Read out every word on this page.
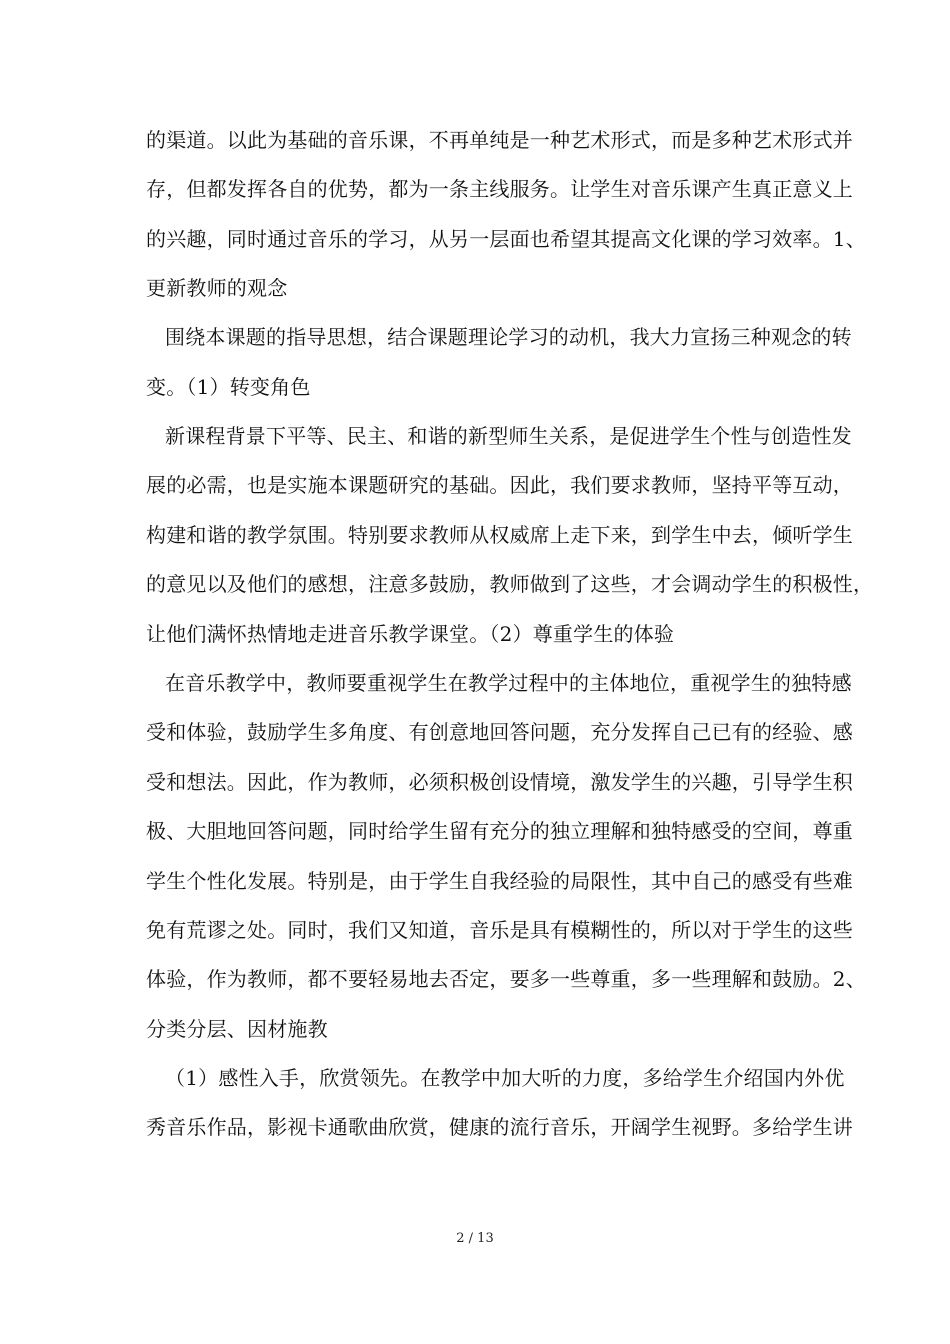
的渠道。以此为基础的音乐课，不再单纯是一种艺术形式，而是多种艺术形式并
存，但都发挥各自的优势，都为一条主线服务。让学生对音乐课产生真正意义上
的兴趣，同时通过音乐的学习，从另一层面也希望其提高文化课的学习效率。1、
更新教师的观念
围绕本课题的指导思想，结合课题理论学习的动机，我大力宣扬三种观念的转
变。（1）转变角色
新课程背景下平等、民主、和谐的新型师生关系，是促进学生个性与创造性发
展的必需，也是实施本课题研究的基础。因此，我们要求教师，坚持平等互动，
构建和谐的教学氛围。特别要求教师从权威席上走下来，到学生中去，倾听学生
的意见以及他们的感想，注意多鼓励，教师做到了这些，才会调动学生的积极性，
让他们满怀热情地走进音乐教学课堂。（2）尊重学生的体验
在音乐教学中，教师要重视学生在教学过程中的主体地位，重视学生的独特感
受和体验，鼓励学生多角度、有创意地回答问题，充分发挥自己已有的经验、感
受和想法。因此，作为教师，必须积极创设情境，激发学生的兴趣，引导学生积
极、大胆地回答问题，同时给学生留有充分的独立理解和独特感受的空间，尊重
学生个性化发展。特别是，由于学生自我经验的局限性，其中自己的感受有些难
免有荒谬之处。同时，我们又知道，音乐是具有模糊性的，所以对于学生的这些
体验，作为教师，都不要轻易地去否定，要多一些尊重，多一些理解和鼓励。2、
分类分层、因材施教
（1）感性入手，欣赏领先。在教学中加大听的力度，多给学生介绍国内外优
秀音乐作品，影视卡通歌曲欣赏，健康的流行音乐，开阔学生视野。多给学生讲
2 / 13
